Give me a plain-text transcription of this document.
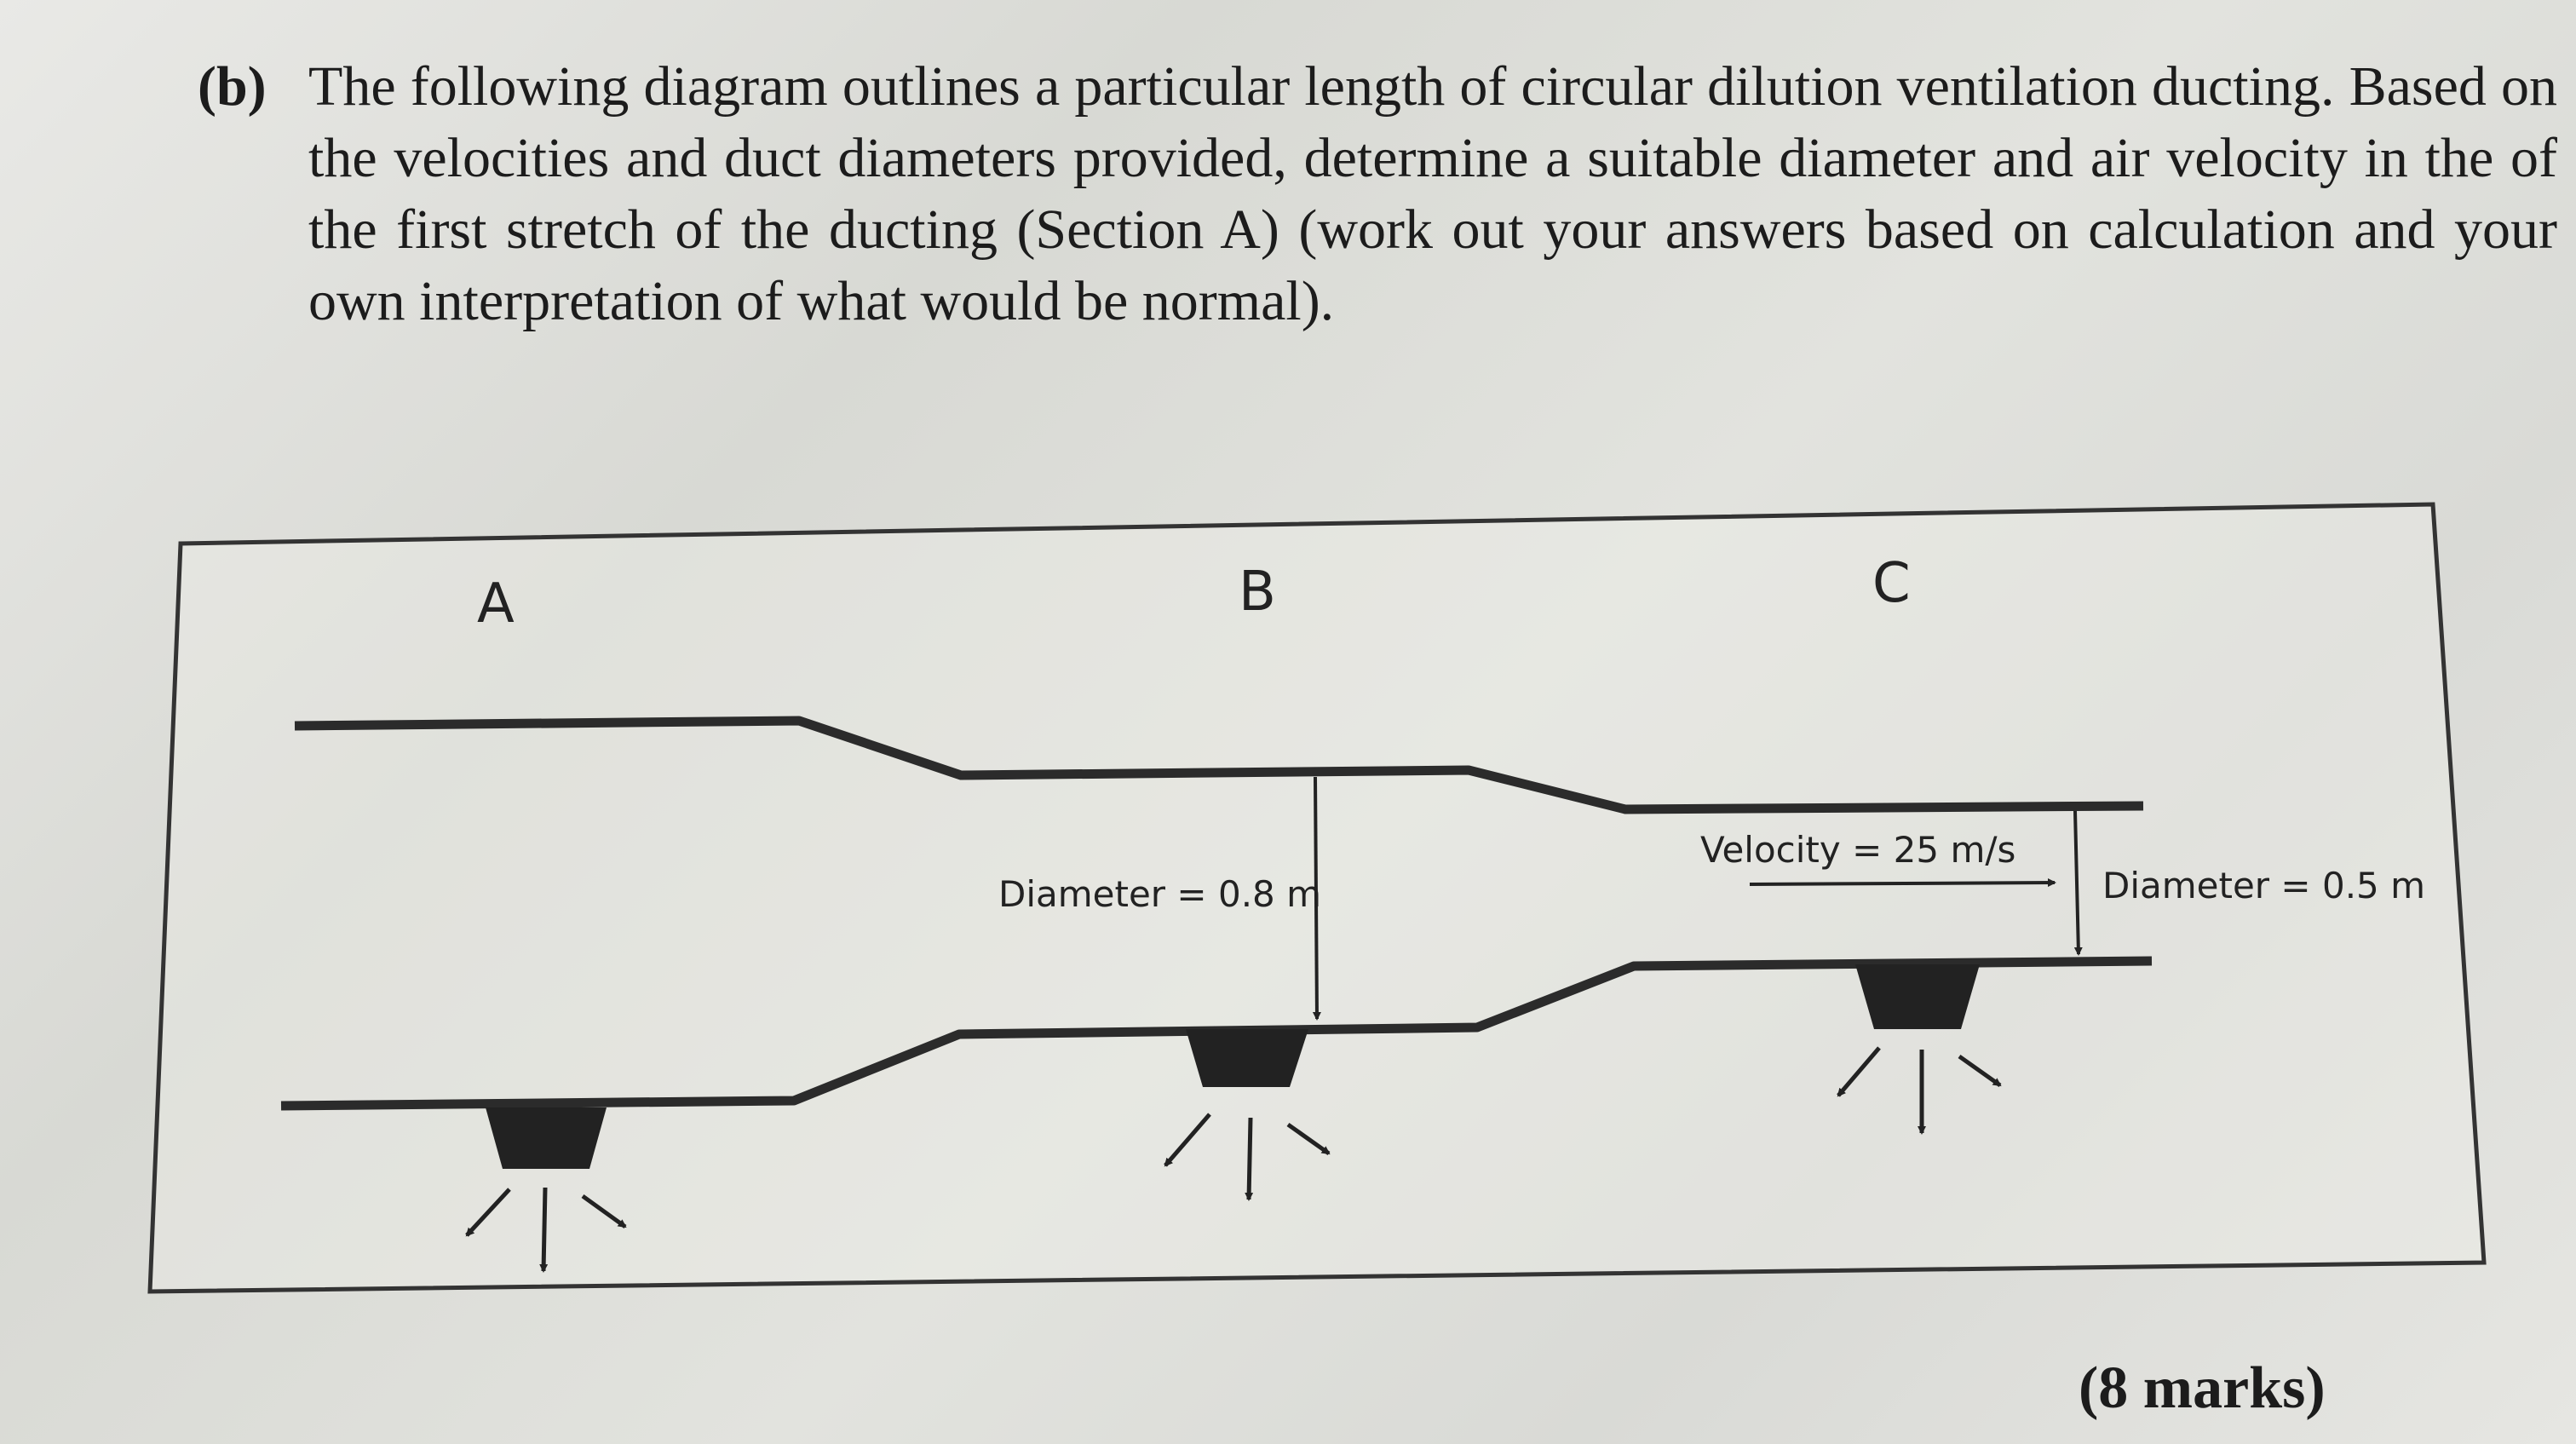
(b) The following diagram outlines a particular length of circular dilution ventilation ducting. Based on the velocities and duct diameters provided, determine a suitable diameter and air velocity in the of the first stretch of the ducting (Section A) (work out your answers based on calculation and your own interpretation of what would be normal).
A	B	C
Diameter = 0.8 m
Velocity = 25 m/s
Diameter = 0.5 m
(8 marks)
